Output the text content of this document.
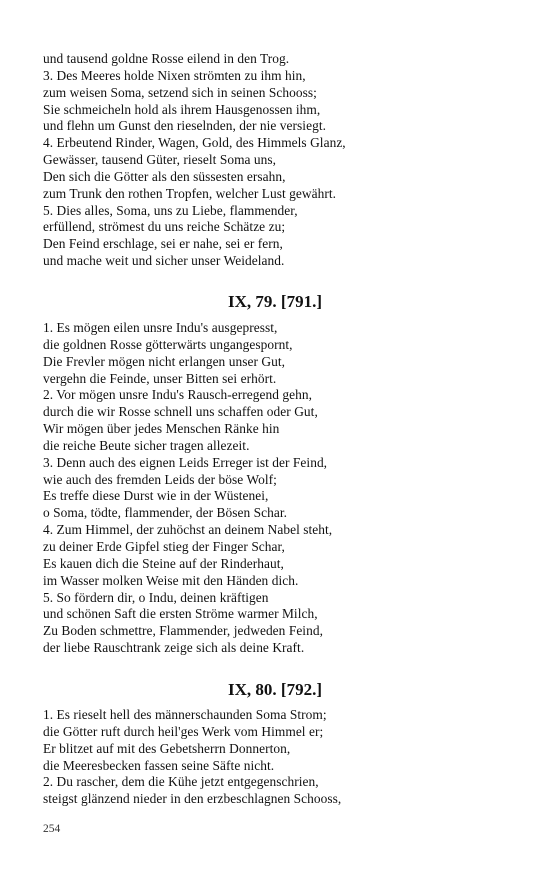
und tausend goldne Rosse eilend in den Trog.
3. Des Meeres holde Nixen strömten zu ihm hin,
zum weisen Soma, setzend sich in seinen Schooss;
Sie schmeicheln hold als ihrem Hausgenossen ihm,
und flehn um Gunst den rieselnden, der nie versiegt.
4. Erbeutend Rinder, Wagen, Gold, des Himmels Glanz,
Gewässer, tausend Güter, rieselt Soma uns,
Den sich die Götter als den süssesten ersahn,
zum Trunk den rothen Tropfen, welcher Lust gewährt.
5. Dies alles, Soma, uns zu Liebe, flammender,
erfüllend, strömest du uns reiche Schätze zu;
Den Feind erschlage, sei er nahe, sei er fern,
und mache weit und sicher unser Weideland.
IX, 79. [791.]
1. Es mögen eilen unsre Indu's ausgepresst,
die goldnen Rosse götterwärts ungangespornt,
Die Frevler mögen nicht erlangen unser Gut,
vergehn die Feinde, unser Bitten sei erhört.
2. Vor mögen unsre Indu's Rausch-erregend gehn,
durch die wir Rosse schnell uns schaffen oder Gut,
Wir mögen über jedes Menschen Ränke hin
die reiche Beute sicher tragen allezeit.
3. Denn auch des eignen Leids Erreger ist der Feind,
wie auch des fremden Leids der böse Wolf;
Es treffe diese Durst wie in der Wüstenei,
o Soma, tödte, flammender, der Bösen Schar.
4. Zum Himmel, der zuhöchst an deinem Nabel steht,
zu deiner Erde Gipfel stieg der Finger Schar,
Es kauen dich die Steine auf der Rinderhaut,
im Wasser molken Weise mit den Händen dich.
5. So fördern dir, o Indu, deinen kräftigen
und schönen Saft die ersten Ströme warmer Milch,
Zu Boden schmettre, Flammender, jedweden Feind,
der liebe Rauschtrank zeige sich als deine Kraft.
IX, 80. [792.]
1. Es rieselt hell des männerschaunden Soma Strom;
die Götter ruft durch heil'ges Werk vom Himmel er;
Er blitzet auf mit des Gebetsherrn Donnerton,
die Meeresbecken fassen seine Säfte nicht.
2. Du rascher, dem die Kühe jetzt entgegenschrien,
steigst glänzend nieder in den erzbeschlagnen Schooss,
254
